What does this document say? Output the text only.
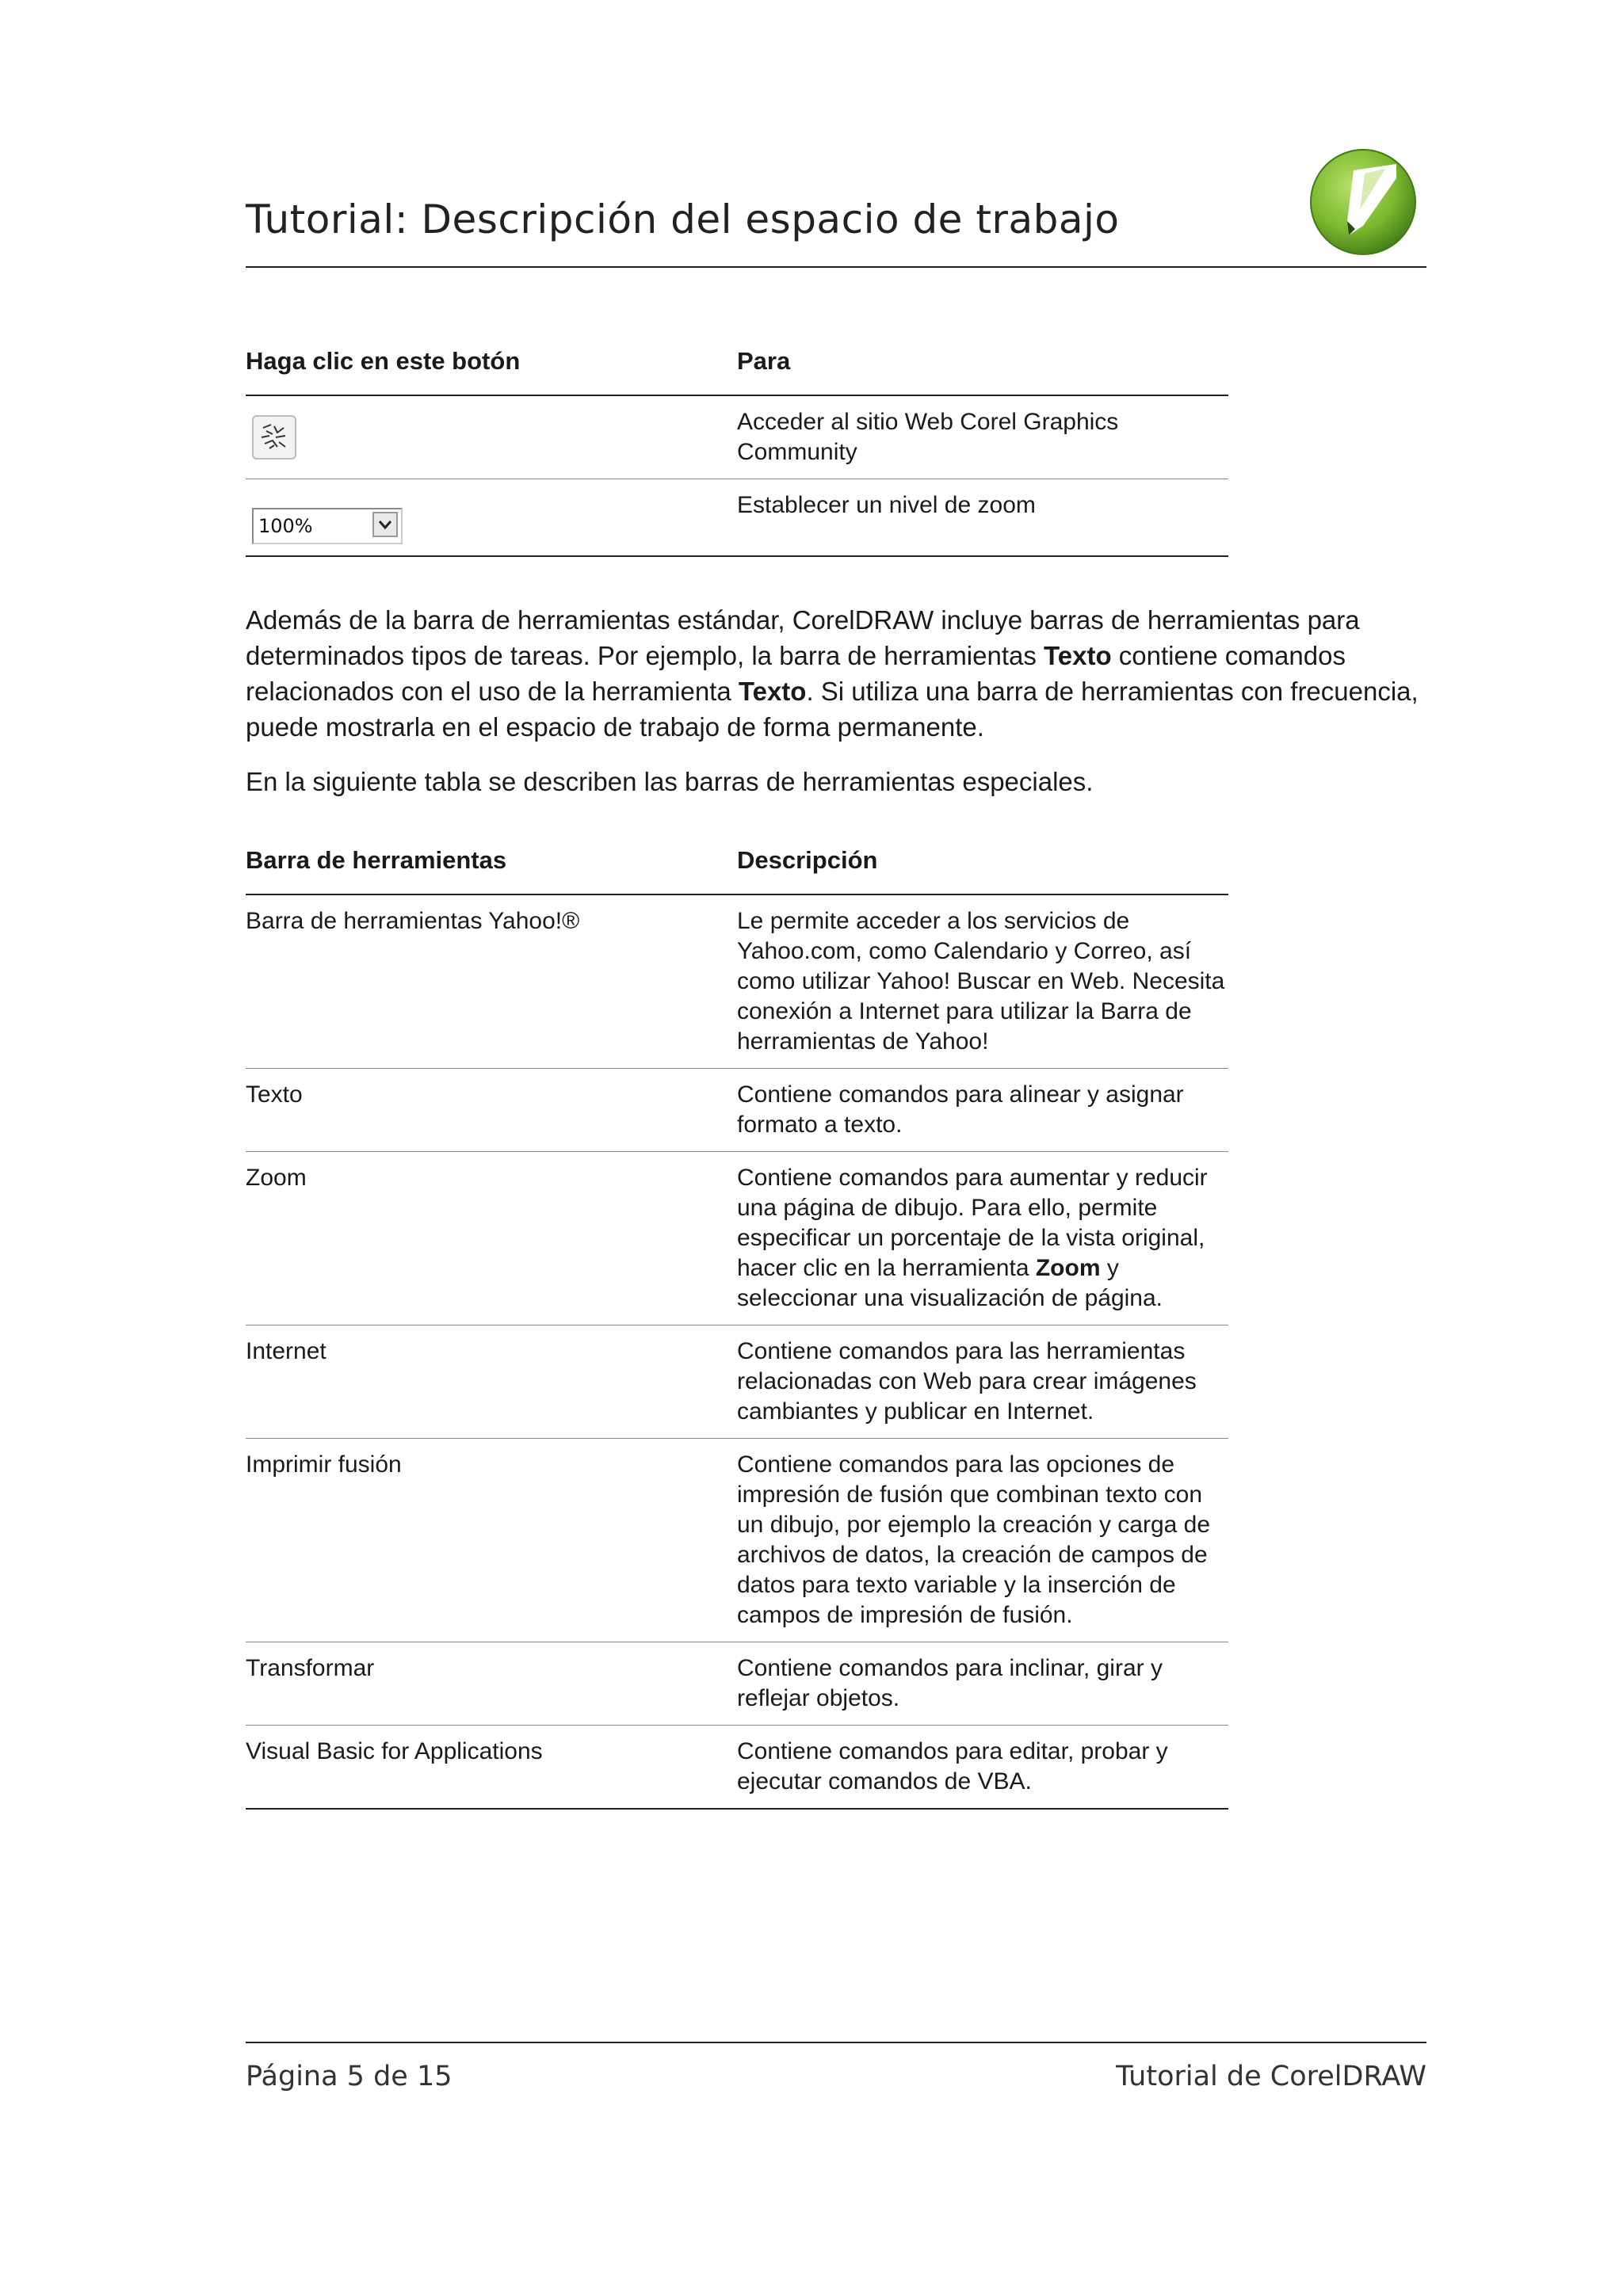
Tutorial: Descripción del espacio de trabajo
Haga clic en este botón	Para
	Acceder al sitio Web Corel Graphics Community

100%	Establecer un nivel de zoom

Además de la barra de herramientas estándar, CorelDRAW incluye barras de herramientas para determinados tipos de tareas. Por ejemplo, la barra de herramientas Texto contiene comandos relacionados con el uso de la herramienta Texto. Si utiliza una barra de herramientas con frecuencia, puede mostrarla en el espacio de trabajo de forma permanente.

En la siguiente tabla se describen las barras de herramientas especiales.

Barra de herramientas	Descripción
Barra de herramientas Yahoo!®	Le permite acceder a los servicios de Yahoo.com, como Calendario y Correo, así como utilizar Yahoo! Buscar en Web. Necesita conexión a Internet para utilizar la Barra de herramientas de Yahoo!
Texto	Contiene comandos para alinear y asignar formato a texto.
Zoom	Contiene comandos para aumentar y reducir una página de dibujo. Para ello, permite especificar un porcentaje de la vista original, hacer clic en la herramienta Zoom y seleccionar una visualización de página.
Internet	Contiene comandos para las herramientas relacionadas con Web para crear imágenes cambiantes y publicar en Internet.
Imprimir fusión	Contiene comandos para las opciones de impresión de fusión que combinan texto con un dibujo, por ejemplo la creación y carga de archivos de datos, la creación de campos de datos para texto variable y la inserción de campos de impresión de fusión.
Transformar	Contiene comandos para inclinar, girar y reflejar objetos.
Visual Basic for Applications	Contiene comandos para editar, probar y ejecutar comandos de VBA.
Página 5 de 15	Tutorial de CorelDRAW
